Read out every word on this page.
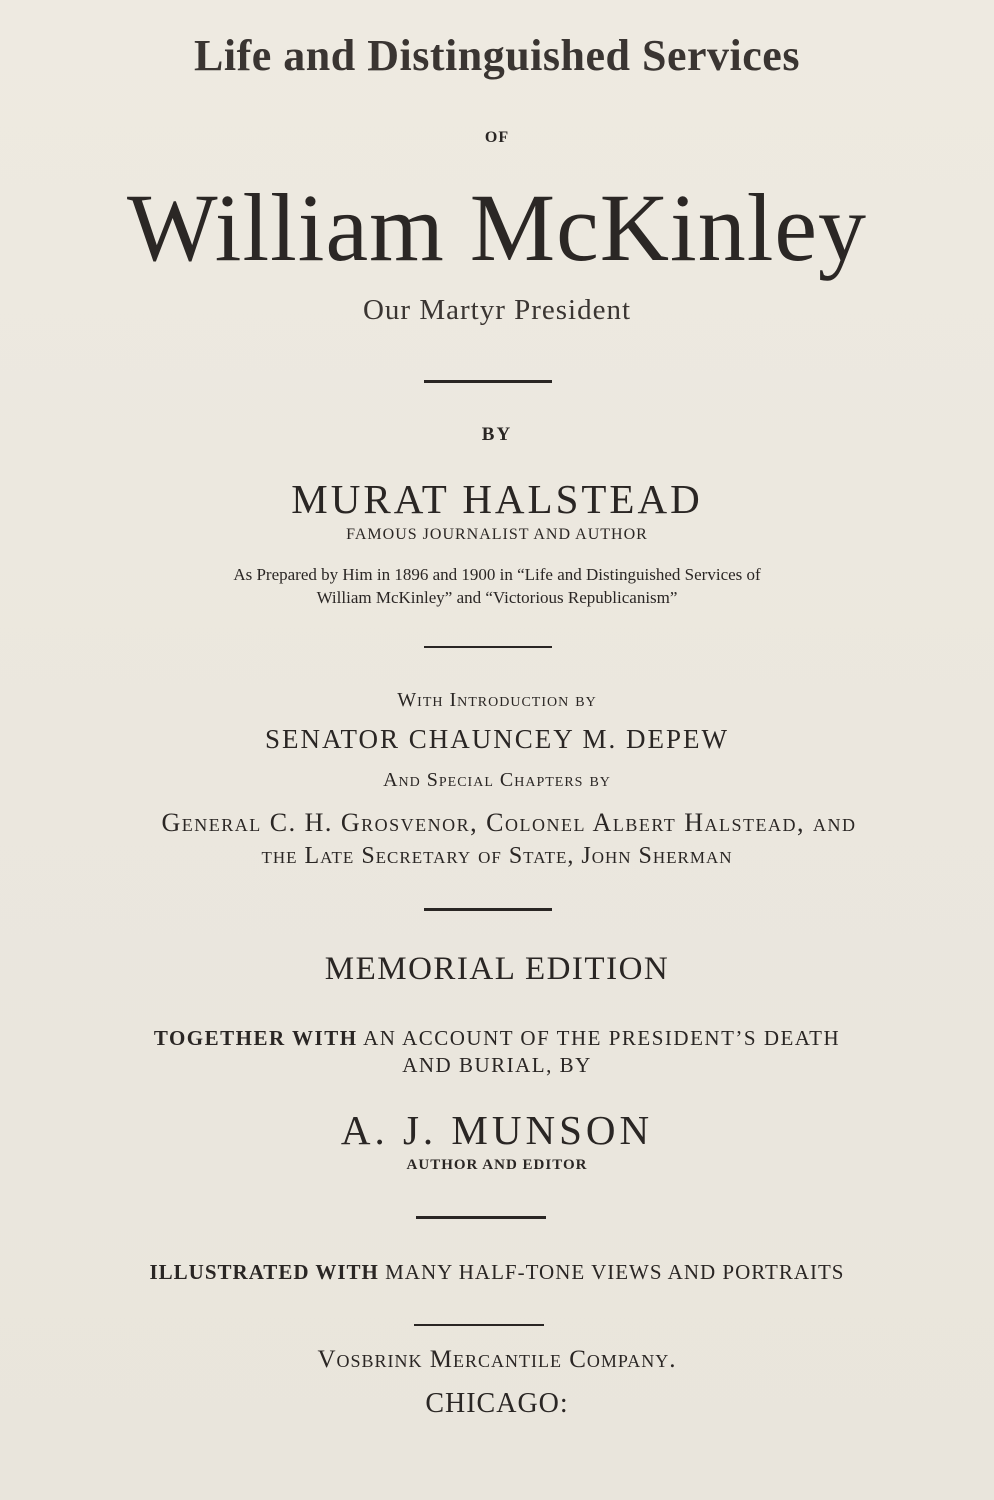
Life and Distinguished Services
OF
William McKinley
Our Martyr President
BY
MURAT HALSTEAD
FAMOUS JOURNALIST AND AUTHOR
As Prepared by Him in 1896 and 1900 in “Life and Distinguished Services of
William McKinley” and “Victorious Republicanism”
With Introduction by
SENATOR CHAUNCEY M. DEPEW
And Special Chapters by
General C. H. Grosvenor, Colonel Albert Halstead, and
the Late Secretary of State, John Sherman
MEMORIAL EDITION
TOGETHER WITH AN ACCOUNT OF THE PRESIDENT’S DEATH
AND BURIAL, BY
A. J. MUNSON
AUTHOR AND EDITOR
ILLUSTRATED WITH MANY HALF-TONE VIEWS AND PORTRAITS
Vosbrink Mercantile Company.
CHICAGO:
